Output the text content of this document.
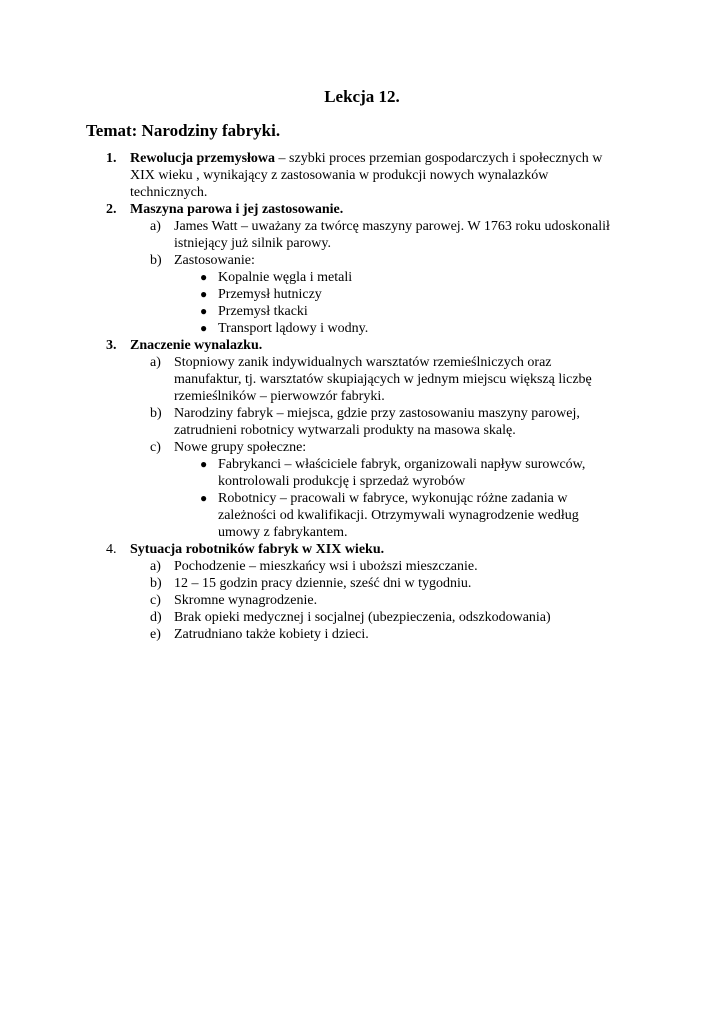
Lekcja 12.
Temat: Narodziny fabryki.
1. Rewolucja przemysłowa – szybki proces przemian gospodarczych i społecznych w
XIX wieku , wynikający z zastosowania w produkcji nowych wynalazków
technicznych.
2. Maszyna parowa i jej zastosowanie.
a) James Watt – uważany za twórcę maszyny parowej. W 1763 roku udoskonalił
istniejący już silnik parowy.
b) Zastosowanie:
● Kopalnie węgla i metali
● Przemysł hutniczy
● Przemysł tkacki
● Transport lądowy i wodny.
3. Znaczenie wynalazku.
a) Stopniowy zanik indywidualnych warsztatów rzemieślniczych oraz
manufaktur, tj. warsztatów skupiających w jednym miejscu większą liczbę
rzemieślników – pierwowzór fabryki.
b) Narodziny fabryk – miejsca, gdzie przy zastosowaniu maszyny parowej,
zatrudnieni robotnicy wytwarzali produkty na masowa skalę.
c) Nowe grupy społeczne:
● Fabrykanci – właściciele fabryk, organizowali napływ surowców,
kontrolowali produkcję i sprzedaż wyrobów
● Robotnicy – pracowali w fabryce, wykonując różne zadania w
zależności od kwalifikacji. Otrzymywali wynagrodzenie według
umowy z fabrykantem.
4. Sytuacja robotników fabryk w XIX wieku.
a) Pochodzenie – mieszkańcy wsi i uboższi mieszczanie.
b) 12 – 15 godzin pracy dziennie, sześć dni w tygodniu.
c) Skromne wynagrodzenie.
d) Brak opieki medycznej i socjalnej (ubezpieczenia, odszkodowania)
e) Zatrudniano także kobiety i dzieci.
